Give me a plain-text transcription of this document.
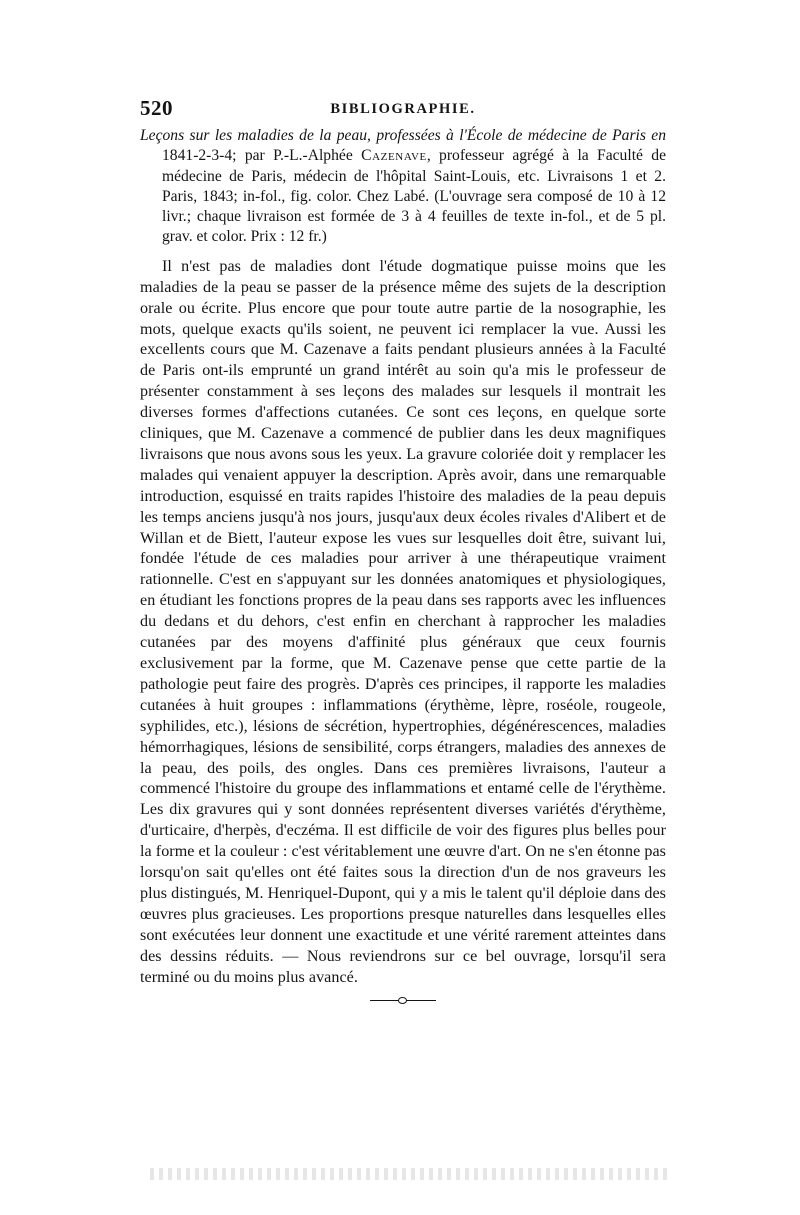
520	BIBLIOGRAPHIE.

Leçons sur les maladies de la peau, professées à l'École de médecine de Paris en 1841-2-3-4; par P.-L.-Alphée Cazenave, professeur agrégé à la Faculté de médecine de Paris, médecin de l'hôpital Saint-Louis, etc. Livraisons 1 et 2. Paris, 1843; in-fol., fig. color. Chez Labé. (L'ouvrage sera composé de 10 à 12 livr.; chaque livraison est formée de 3 à 4 feuilles de texte in-fol., et de 5 pl. grav. et color. Prix : 12 fr.)

Il n'est pas de maladies dont l'étude dogmatique puisse moins que les maladies de la peau se passer de la présence même des sujets de la description orale ou écrite. Plus encore que pour toute autre partie de la nosographie, les mots, quelque exacts qu'ils soient, ne peuvent ici remplacer la vue. Aussi les excellents cours que M. Cazenave a faits pendant plusieurs années à la Faculté de Paris ont-ils emprunté un grand intérêt au soin qu'a mis le professeur de présenter constamment à ses leçons des malades sur lesquels il montrait les diverses formes d'affections cutanées. Ce sont ces leçons, en quelque sorte cliniques, que M. Cazenave a commencé de publier dans les deux magnifiques livraisons que nous avons sous les yeux. La gravure coloriée doit y remplacer les malades qui venaient appuyer la description. Après avoir, dans une remarquable introduction, esquissé en traits rapides l'histoire des maladies de la peau depuis les temps anciens jusqu'à nos jours, jusqu'aux deux écoles rivales d'Alibert et de Willan et de Biett, l'auteur expose les vues sur lesquelles doit être, suivant lui, fondée l'étude de ces maladies pour arriver à une thérapeutique vraiment rationnelle. C'est en s'appuyant sur les données anatomiques et physiologiques, en étudiant les fonctions propres de la peau dans ses rapports avec les influences du dedans et du dehors, c'est enfin en cherchant à rapprocher les maladies cutanées par des moyens d'affinité plus généraux que ceux fournis exclusivement par la forme, que M. Cazenave pense que cette partie de la pathologie peut faire des progrès. D'après ces principes, il rapporte les maladies cutanées à huit groupes : inflammations (érythème, lèpre, roséole, rougeole, syphilides, etc.), lésions de sécrétion, hypertrophies, dégénérescences, maladies hémorrhagiques, lésions de sensibilité, corps étrangers, maladies des annexes de la peau, des poils, des ongles. Dans ces premières livraisons, l'auteur a commencé l'histoire du groupe des inflammations et entamé celle de l'érythème. Les dix gravures qui y sont données représentent diverses variétés d'érythème, d'urticaire, d'herpès, d'eczéma. Il est difficile de voir des figures plus belles pour la forme et la couleur : c'est véritablement une œuvre d'art. On ne s'en étonne pas lorsqu'on sait qu'elles ont été faites sous la direction d'un de nos graveurs les plus distingués, M. Henriquel-Dupont, qui y a mis le talent qu'il déploie dans des œuvres plus gracieuses. Les proportions presque naturelles dans lesquelles elles sont exécutées leur donnent une exactitude et une vérité rarement atteintes dans des dessins réduits. — Nous reviendrons sur ce bel ouvrage, lorsqu'il sera terminé ou du moins plus avancé.
